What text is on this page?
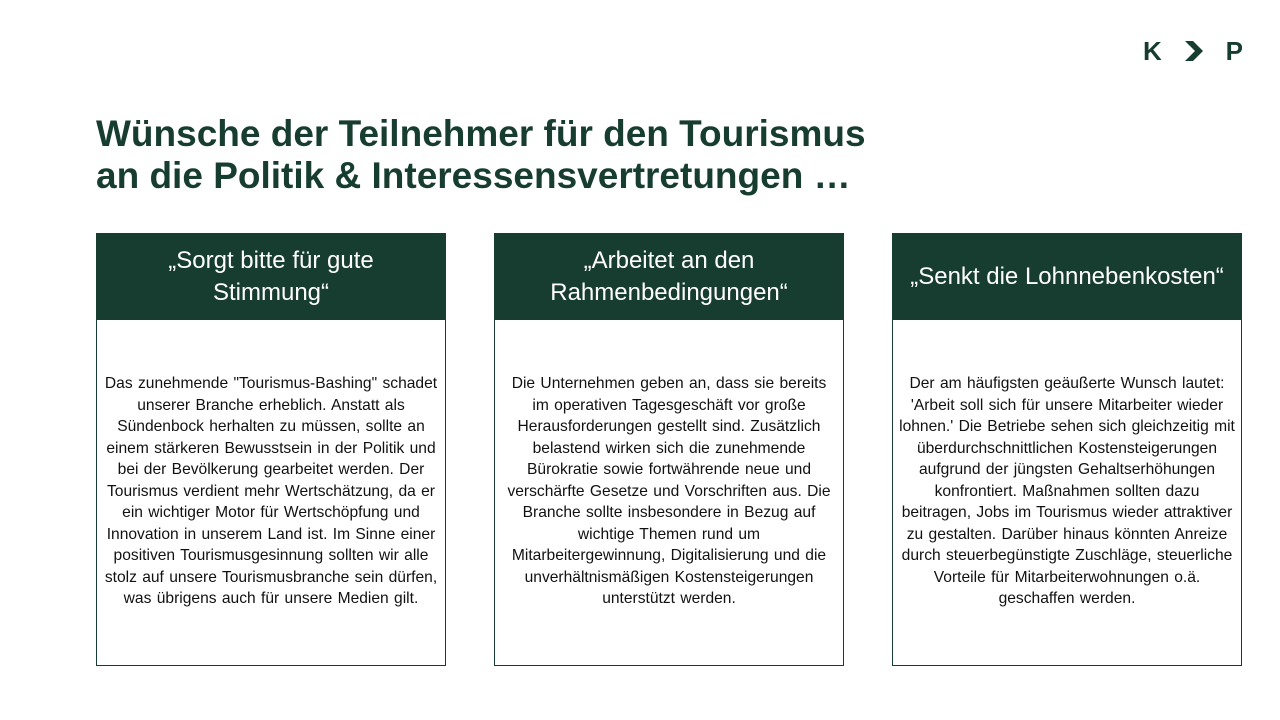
K P
Wünsche der Teilnehmer für den Tourismus
an die Politik & Interessensvertretungen …
„Sorgt bitte für gute Stimmung“

Das zunehmende "Tourismus-Bashing" schadet unserer Branche erheblich. Anstatt als Sündenbock herhalten zu müssen, sollte an einem stärkeren Bewusstsein in der Politik und bei der Bevölkerung gearbeitet werden. Der Tourismus verdient mehr Wertschätzung, da er ein wichtiger Motor für Wertschöpfung und Innovation in unserem Land ist. Im Sinne einer positiven Tourismusgesinnung sollten wir alle stolz auf unsere Tourismusbranche sein dürfen, was übrigens auch für unsere Medien gilt.

„Arbeitet an den Rahmenbedingungen“

Die Unternehmen geben an, dass sie bereits im operativen Tagesgeschäft vor große Herausforderungen gestellt sind. Zusätzlich belastend wirken sich die zunehmende Bürokratie sowie fortwährende neue und verschärfte Gesetze und Vorschriften aus. Die Branche sollte insbesondere in Bezug auf wichtige Themen rund um Mitarbeitergewinnung, Digitalisierung und die unverhältnismäßigen Kostensteigerungen unterstützt werden.

„Senkt die Lohnnebenkosten“

Der am häufigsten geäußerte Wunsch lautet: 'Arbeit soll sich für unsere Mitarbeiter wieder lohnen.' Die Betriebe sehen sich gleichzeitig mit überdurchschnittlichen Kostensteigerungen aufgrund der jüngsten Gehaltserhöhungen konfrontiert. Maßnahmen sollten dazu beitragen, Jobs im Tourismus wieder attraktiver zu gestalten. Darüber hinaus könnten Anreize durch steuerbegünstigte Zuschläge, steuerliche Vorteile für Mitarbeiterwohnungen o.ä. geschaffen werden.
